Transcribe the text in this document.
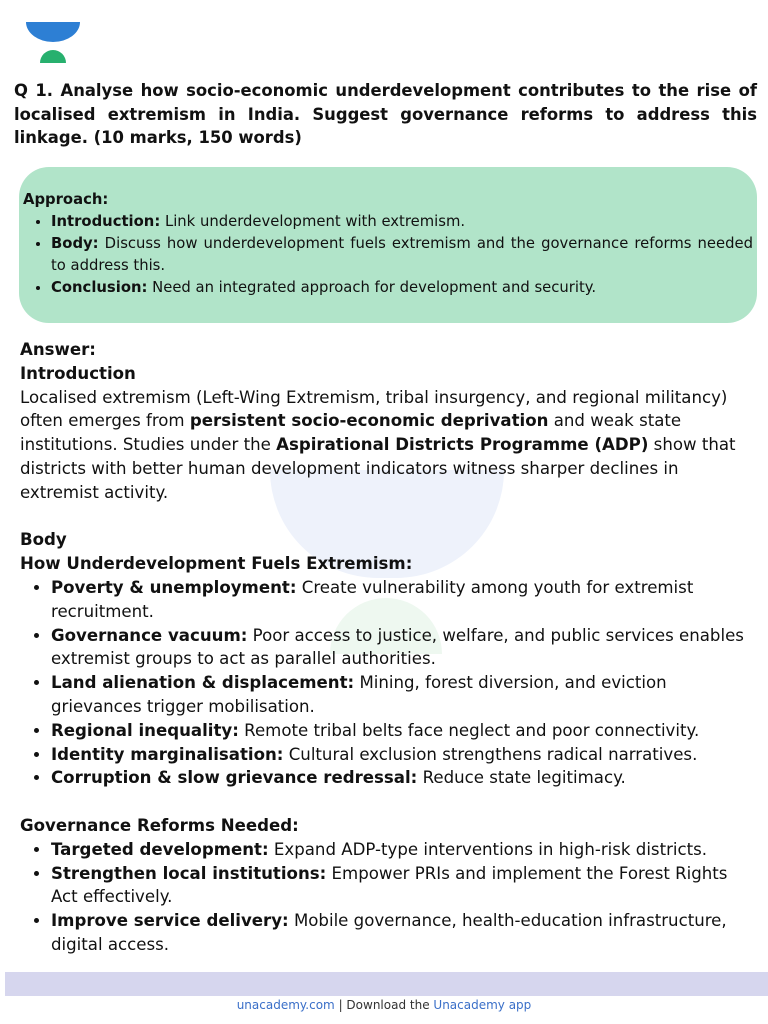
Q 1. Analyse how socio-economic underdevelopment contributes to the rise of localised extremism in India. Suggest governance reforms to address this linkage. (10 marks, 150 words)
Approach:
• Introduction: Link underdevelopment with extremism.
• Body: Discuss how underdevelopment fuels extremism and the governance reforms needed to address this.
• Conclusion: Need an integrated approach for development and security.
Answer:
Introduction

Localised extremism (Left-Wing Extremism, tribal insurgency, and regional militancy) often emerges from persistent socio-economic deprivation and weak state institutions. Studies under the Aspirational Districts Programme (ADP) show that districts with better human development indicators witness sharper declines in extremist activity.

Body
How Underdevelopment Fuels Extremism:
• Poverty & unemployment: Create vulnerability among youth for extremist recruitment.
• Governance vacuum: Poor access to justice, welfare, and public services enables extremist groups to act as parallel authorities.
• Land alienation & displacement: Mining, forest diversion, and eviction grievances trigger mobilisation.
• Regional inequality: Remote tribal belts face neglect and poor connectivity.
• Identity marginalisation: Cultural exclusion strengthens radical narratives.
• Corruption & slow grievance redressal: Reduce state legitimacy.
Governance Reforms Needed:
• Targeted development: Expand ADP-type interventions in high-risk districts.
• Strengthen local institutions: Empower PRIs and implement the Forest Rights Act effectively.
• Improve service delivery: Mobile governance, health-education infrastructure, digital access.
unacademy.com | Download the Unacademy app
